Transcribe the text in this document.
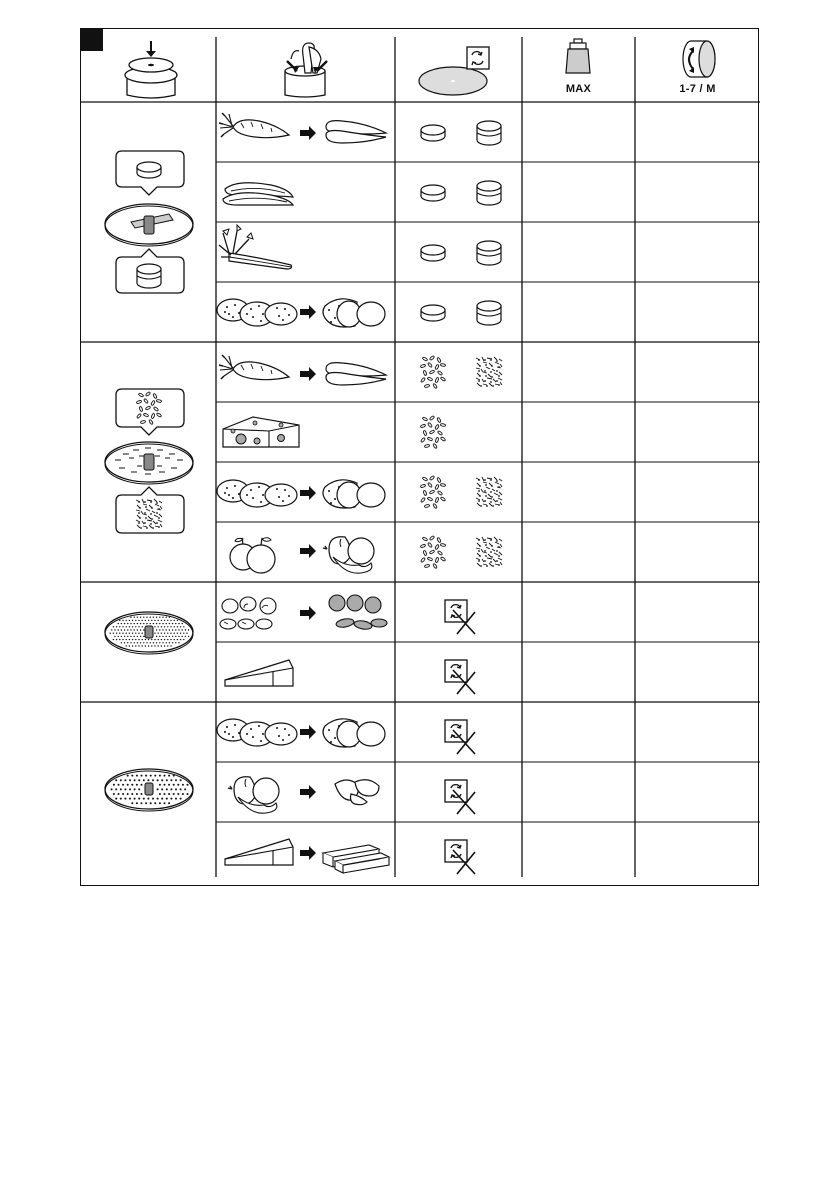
MAX	1-7 / M
